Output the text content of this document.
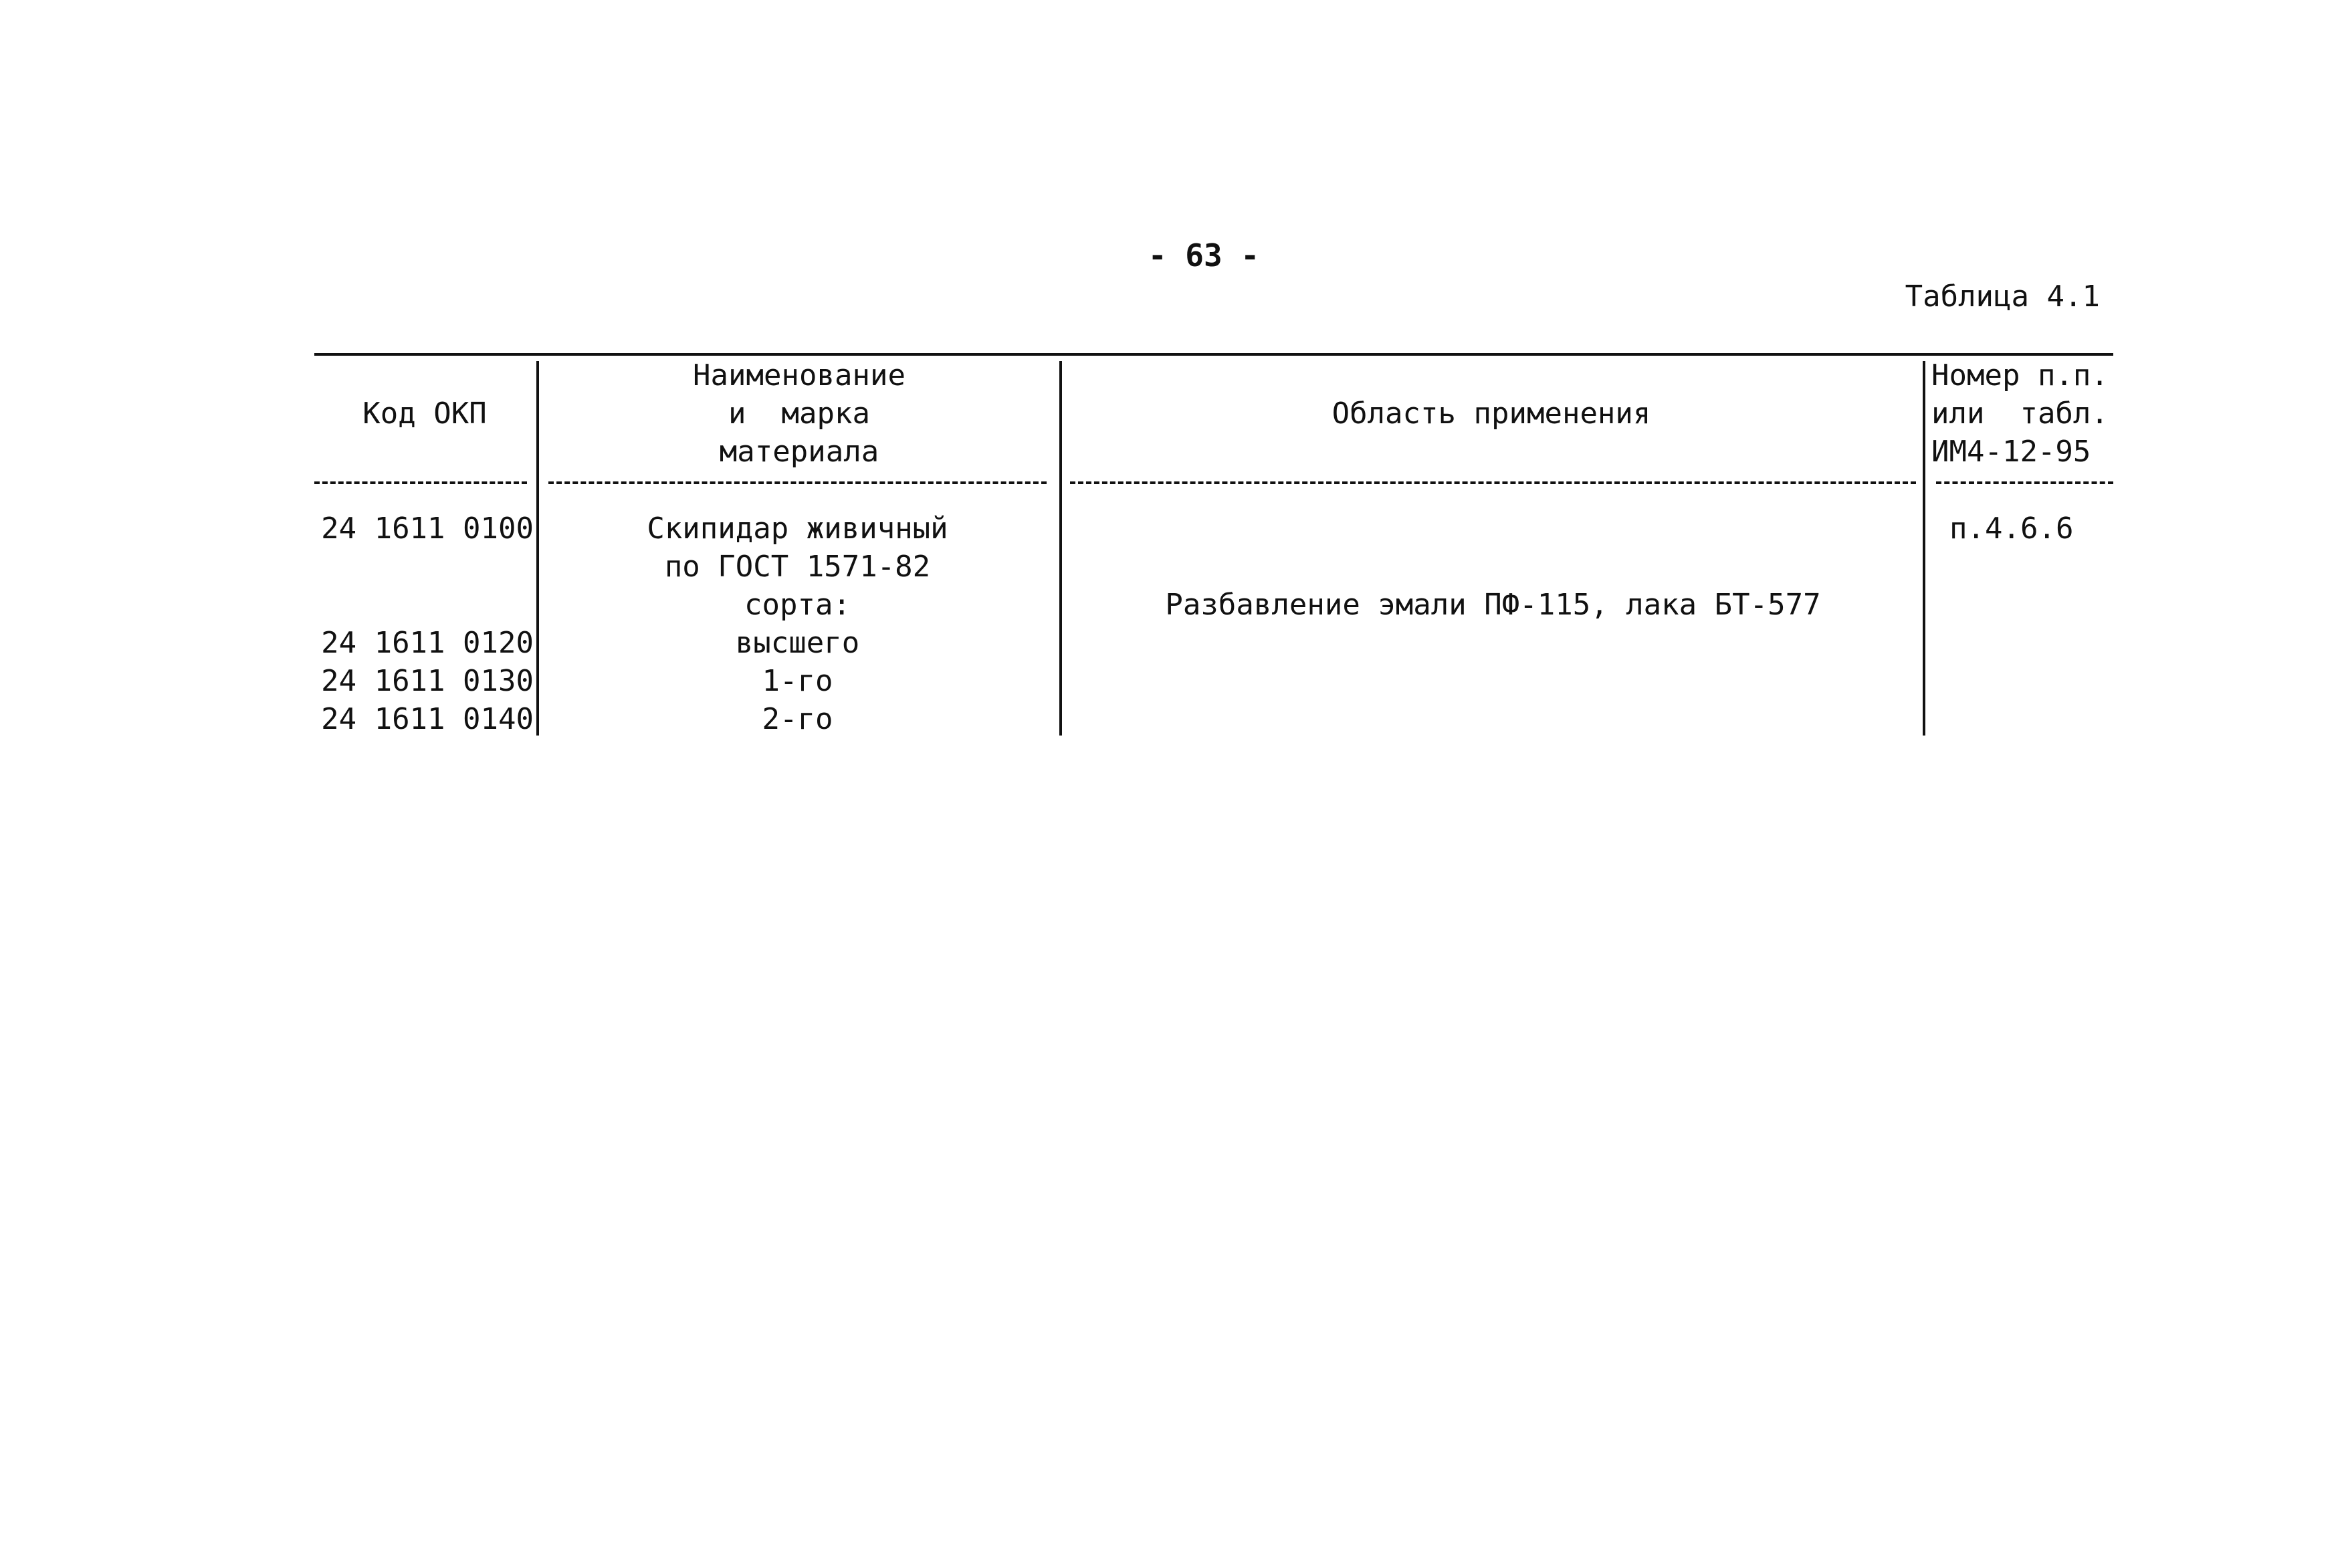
- 63 -
Таблица 4.1
Код ОКП
Наименование
и  марка
материала
Область применения
Номер п.п.
или  табл.
ИМ4-12-95
24 1611 0100
24 1611 0120
24 1611 0130
24 1611 0140
Скипидар живичный
по ГОСТ 1571-82
сорта:
высшего
1-го
2-го
Разбавление эмали ПФ-115, лака БТ-577
п.4.6.6
